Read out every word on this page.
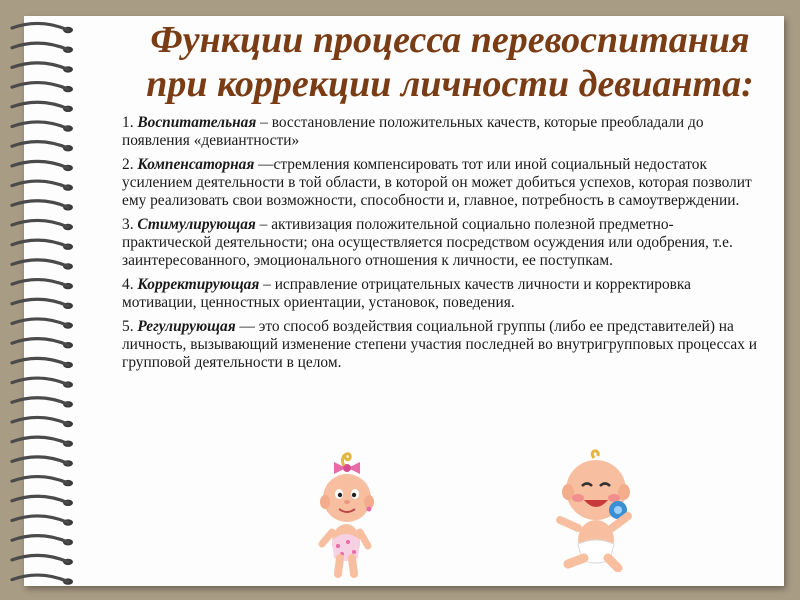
Функции процесса перевоспитания
при коррекции личности девианта:

1. Воспитательная – восстановление положительных качеств, которые преобладали до появления «девиантности»

2. Компенсаторная —стремления компенсировать тот или иной социальный недостаток усилением деятельности в той области, в которой он может добиться успехов, которая позволит ему реализовать свои возможности, способности и, главное, потребность в самоутверждении.

3. Стимулирующая – активизация положительной социально полезной предметно-практической деятельности; она осуществляется посредством осуждения или одобрения, т.е. заинтересованного, эмоционального отношения к личности, ее поступкам.

4. Корректирующая – исправление отрицательных качеств личности и корректировка мотивации, ценностных ориентации, установок, поведения.

5. Регулирующая — это способ воздействия социальной группы (либо ее представителей) на личность, вызывающий изменение степени участия последней во внутригрупповых процессах и групповой деятельности в целом.
